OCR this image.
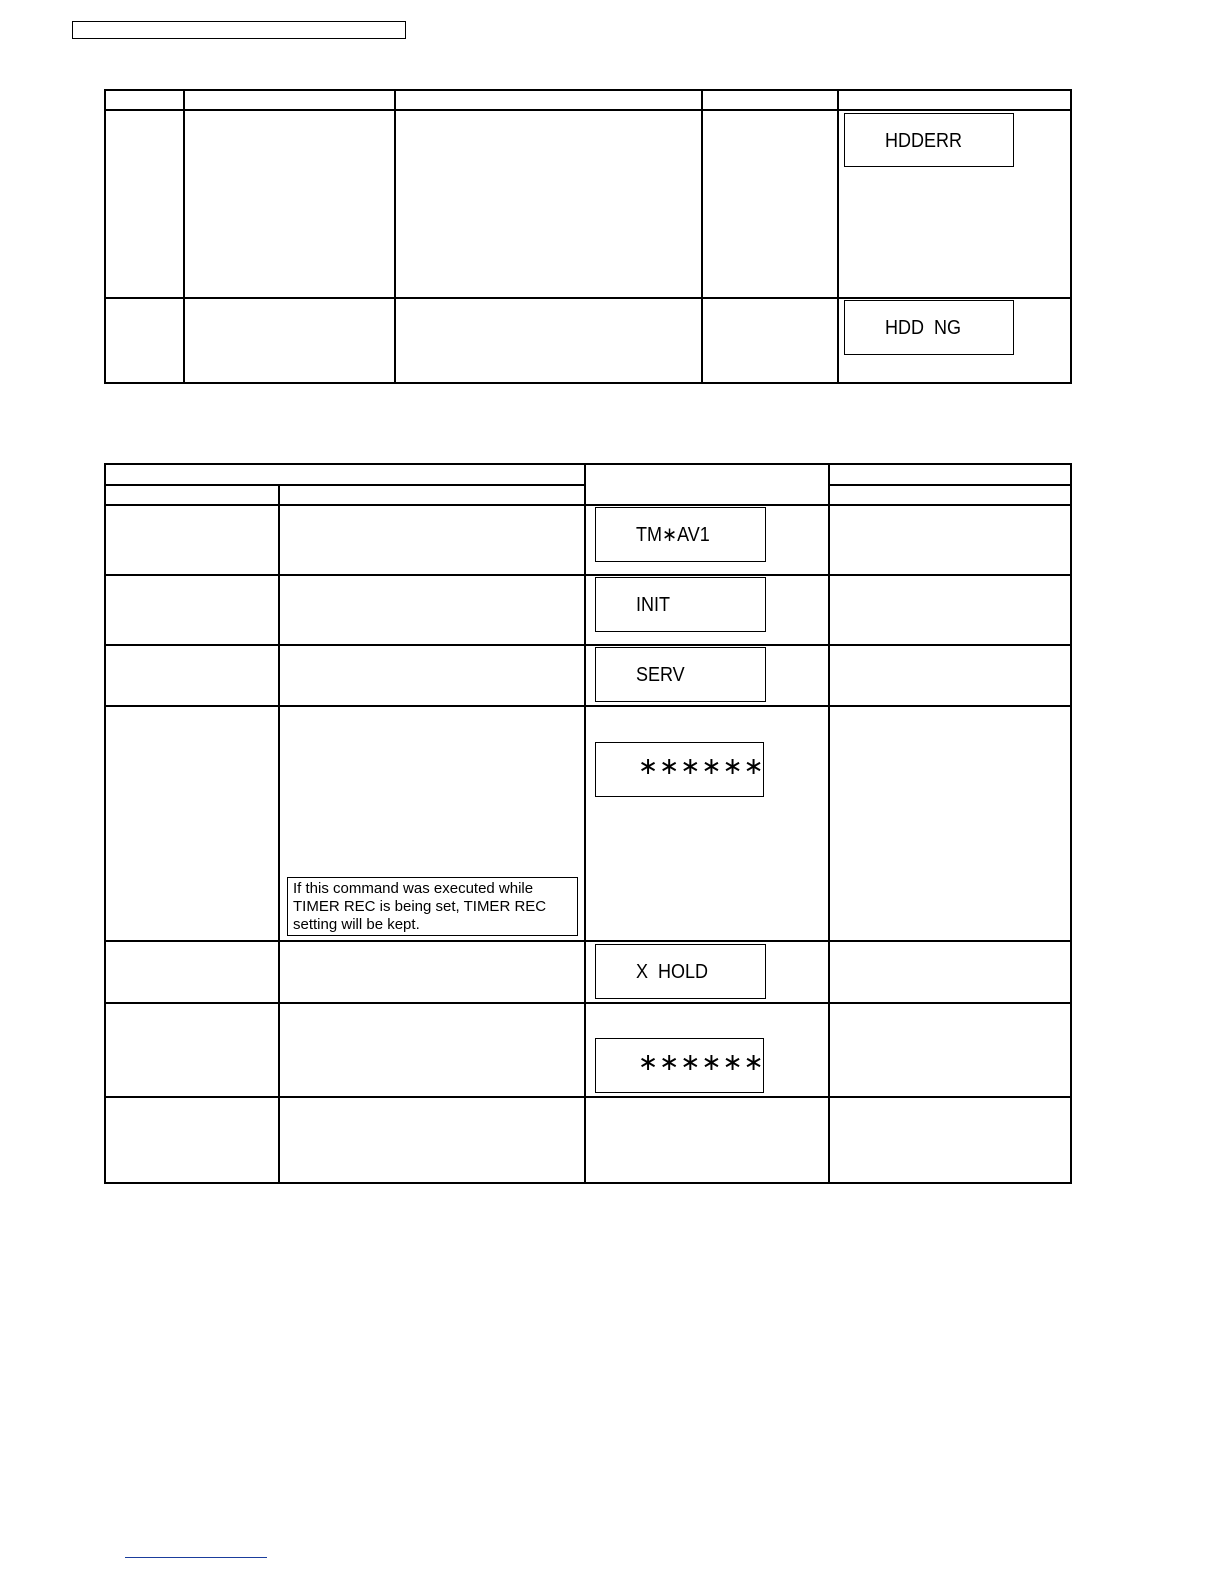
HDDERR

HDD  NG

TM∗AV1

INIT

SERV

∗∗∗∗∗∗

X  HOLD

∗∗∗∗∗∗

If this command was executed while
TIMER REC is being set, TIMER REC
setting will be kept.
